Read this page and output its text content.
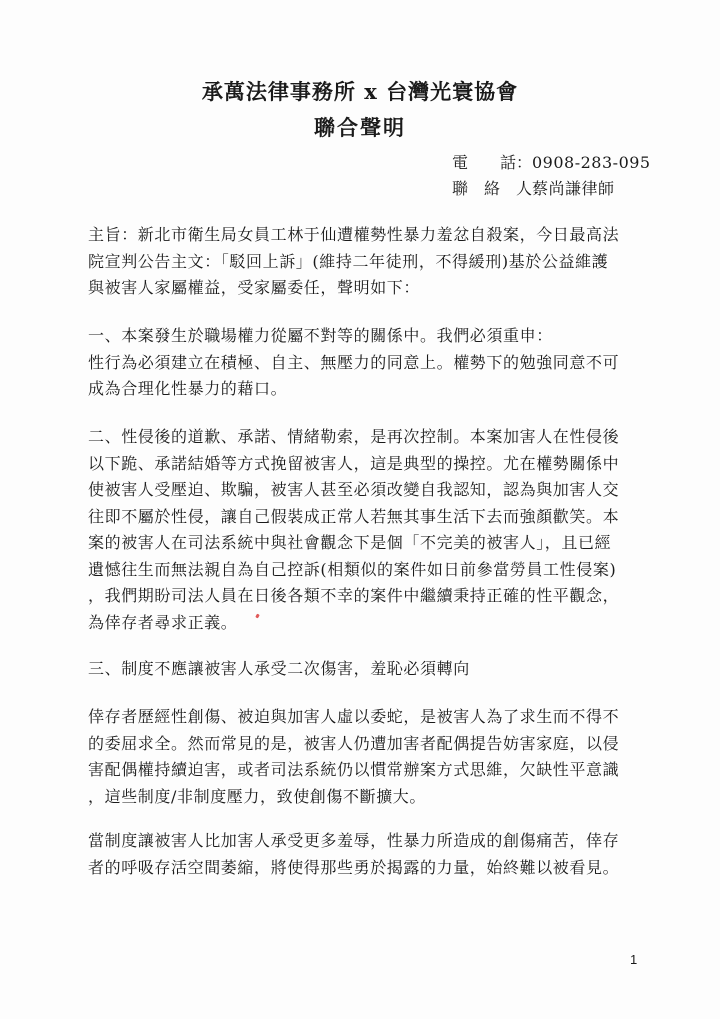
承萬法律事務所 x 台灣光寰協會
聯合聲明
電　　話：0908-283-095
聯　絡　人：蔡尚謙律師
主旨：新北市衛生局女員工林于仙遭權勢性暴力羞忿自殺案，今日最高法
院宣判公告主文：「駁回上訴」(維持二年徒刑，不得緩刑)基於公益維護
與被害人家屬權益，受家屬委任，聲明如下：
一、本案發生於職場權力從屬不對等的關係中。我們必須重申：
性行為必須建立在積極、自主、無壓力的同意上。權勢下的勉強同意不可
成為合理化性暴力的藉口。
二、性侵後的道歉、承諾、情緒勒索，是再次控制。本案加害人在性侵後
以下跪、承諾結婚等方式挽留被害人，這是典型的操控。尤在權勢關係中
使被害人受壓迫、欺騙，被害人甚至必須改變自我認知，認為與加害人交
往即不屬於性侵，讓自己假裝成正常人若無其事生活下去而強顏歡笑。本
案的被害人在司法系統中與社會觀念下是個「不完美的被害人」，且已經
遺憾往生而無法親自為自己控訴(相類似的案件如日前參當勞員工性侵案)
，我們期盼司法人員在日後各類不幸的案件中繼續秉持正確的性平觀念，
為倖存者尋求正義。
三、制度不應讓被害人承受二次傷害，羞恥必須轉向
倖存者歷經性創傷、被迫與加害人虛以委蛇，是被害人為了求生而不得不
的委屈求全。然而常見的是，被害人仍遭加害者配偶提告妨害家庭，以侵
害配偶權持續迫害，或者司法系統仍以慣常辦案方式思維，欠缺性平意識
，這些制度/非制度壓力，致使創傷不斷擴大。
當制度讓被害人比加害人承受更多羞辱，性暴力所造成的創傷痛苦，倖存
者的呼吸存活空間萎縮，將使得那些勇於揭露的力量，始終難以被看見。
1
